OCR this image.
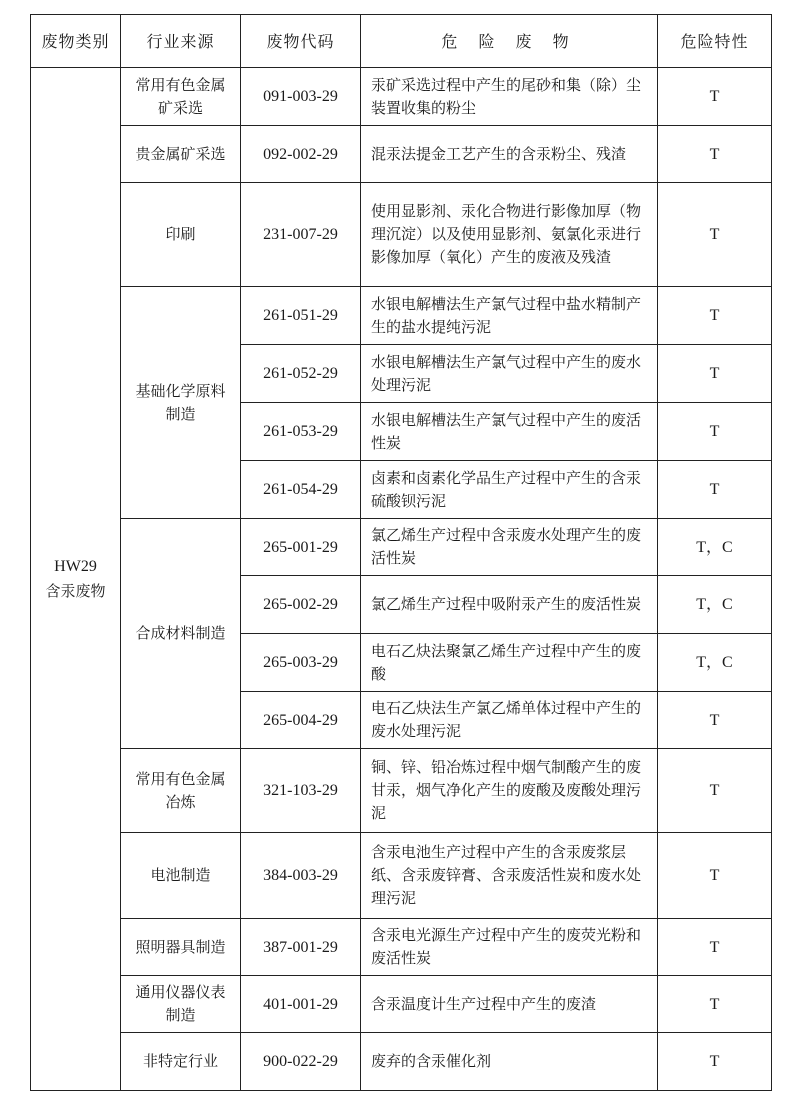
废物类别	行业来源	废物代码	危 险 废 物	危险特性

HW29
含汞废物	常用有色金属矿采选	091-003-29	汞矿采选过程中产生的尾砂和集（除）尘装置收集的粉尘	T
	贵金属矿采选	092-002-29	混汞法提金工艺产生的含汞粉尘、残渣	T
	印刷	231-007-29	使用显影剂、汞化合物进行影像加厚（物理沉淀）以及使用显影剂、氨氯化汞进行影像加厚（氧化）产生的废液及残渣	T
	基础化学原料制造	261-051-29	水银电解槽法生产氯气过程中盐水精制产生的盐水提纯污泥	T
		261-052-29	水银电解槽法生产氯气过程中产生的废水处理污泥	T
		261-053-29	水银电解槽法生产氯气过程中产生的废活性炭	T
		261-054-29	卤素和卤素化学品生产过程中产生的含汞硫酸钡污泥	T
	合成材料制造	265-001-29	氯乙烯生产过程中含汞废水处理产生的废活性炭	T，C
		265-002-29	氯乙烯生产过程中吸附汞产生的废活性炭	T，C
		265-003-29	电石乙炔法聚氯乙烯生产过程中产生的废酸	T，C
		265-004-29	电石乙炔法生产氯乙烯单体过程中产生的废水处理污泥	T
	常用有色金属冶炼	321-103-29	铜、锌、铅冶炼过程中烟气制酸产生的废甘汞，烟气净化产生的废酸及废酸处理污泥	T
	电池制造	384-003-29	含汞电池生产过程中产生的含汞废浆层纸、含汞废锌膏、含汞废活性炭和废水处理污泥	T
	照明器具制造	387-001-29	含汞电光源生产过程中产生的废荧光粉和废活性炭	T
	通用仪器仪表制造	401-001-29	含汞温度计生产过程中产生的废渣	T
	非特定行业	900-022-29	废弃的含汞催化剂	T
